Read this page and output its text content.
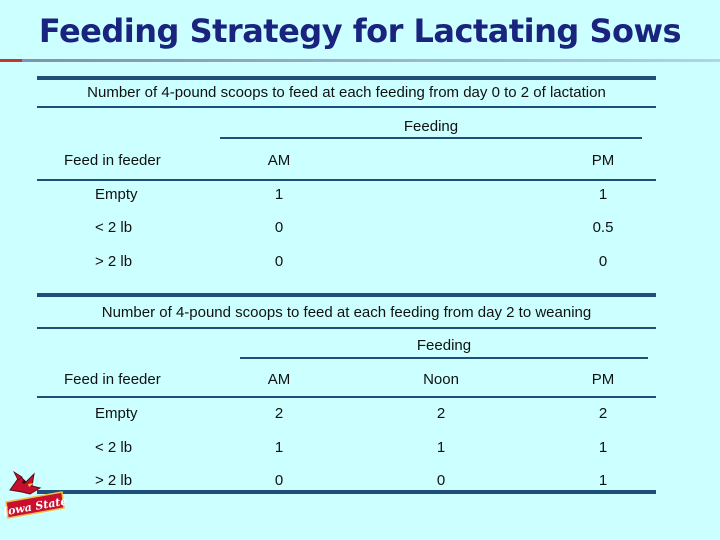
Feeding Strategy for Lactating Sows
Number of 4-pound scoops to feed at each feeding from day 0 to 2 of lactation
Feeding
Feed in feeder	AM	PM
Empty	1	1
< 2 lb	0	0.5
> 2 lb	0	0
Number of 4-pound scoops to feed at each feeding from day 2 to weaning
Feeding
Feed in feeder	AM	Noon	PM
Empty	2	2	2
< 2 lb	1	1	1
> 2 lb	0	0	1
Iowa State
